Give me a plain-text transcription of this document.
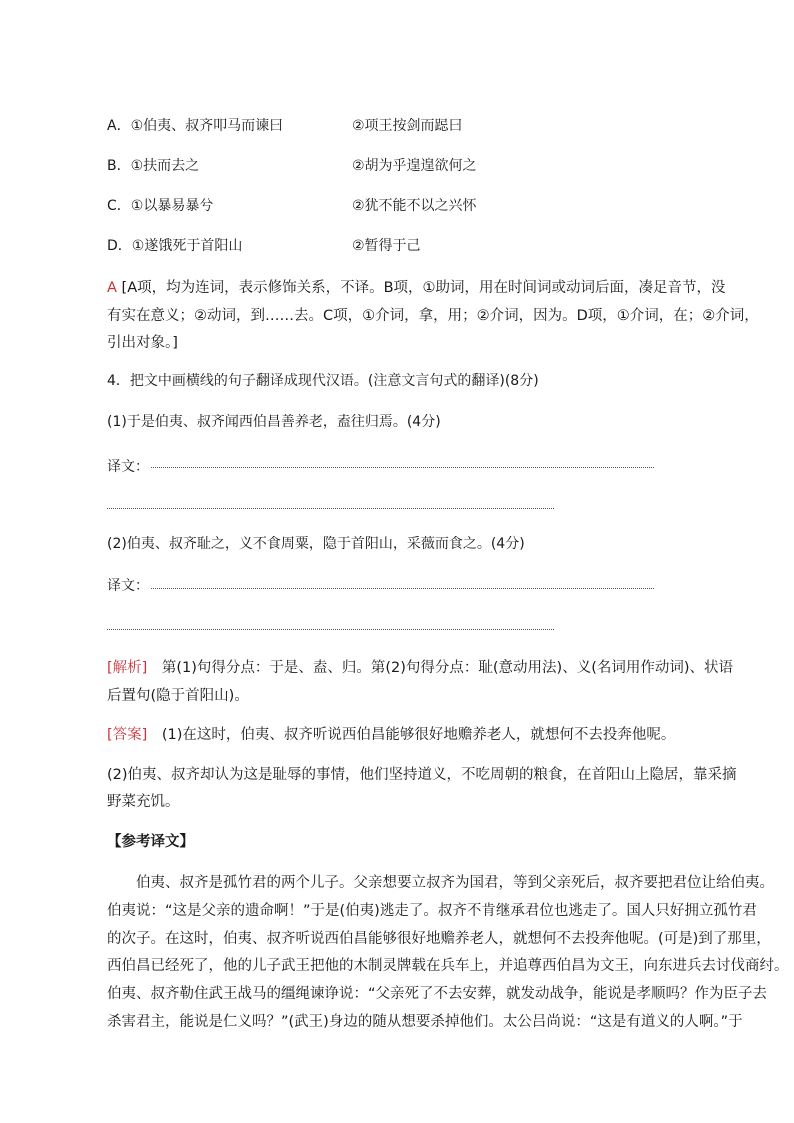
A．①伯夷、叔齐叩马而谏曰	②项王按剑而跽曰
B．①扶而去之	②胡为乎遑遑欲何之
C．①以暴易暴兮	②犹不能不以之兴怀
D．①遂饿死于首阳山	②暂得于己
A [A项，均为连词，表示修饰关系，不译。B项，①助词，用在时间词或动词后面，凑足音节，没
有实在意义；②动词，到……去。C项，①介词，拿，用；②介词，因为。D项，①介词，在；②介词，
引出对象。]
4．把文中画横线的句子翻译成现代汉语。(注意文言句式的翻译)(8分)
(1)于是伯夷、叔齐闻西伯昌善养老，盍往归焉。(4分)
译文：
(2)伯夷、叔齐耻之，义不食周粟，隐于首阳山，采薇而食之。(4分)
译文：
[解析]　第(1)句得分点：于是、盍、归。第(2)句得分点：耻(意动用法)、义(名词用作动词)、状语
后置句(隐于首阳山)。
[答案]　(1)在这时，伯夷、叔齐听说西伯昌能够很好地赡养老人，就想何不去投奔他呢。
(2)伯夷、叔齐却认为这是耻辱的事情，他们坚持道义，不吃周朝的粮食，在首阳山上隐居，靠采摘
野菜充饥。
【参考译文】
　　伯夷、叔齐是孤竹君的两个儿子。父亲想要立叔齐为国君，等到父亲死后，叔齐要把君位让给伯夷。
伯夷说：“这是父亲的遗命啊！”于是(伯夷)逃走了。叔齐不肯继承君位也逃走了。国人只好拥立孤竹君
的次子。在这时，伯夷、叔齐听说西伯昌能够很好地赡养老人，就想何不去投奔他呢。(可是)到了那里，
西伯昌已经死了，他的儿子武王把他的木制灵牌载在兵车上，并追尊西伯昌为文王，向东进兵去讨伐商纣。
伯夷、叔齐勒住武王战马的缰绳谏诤说：“父亲死了不去安葬，就发动战争，能说是孝顺吗？作为臣子去
杀害君主，能说是仁义吗？”(武王)身边的随从想要杀掉他们。太公吕尚说：“这是有道义的人啊。”于
